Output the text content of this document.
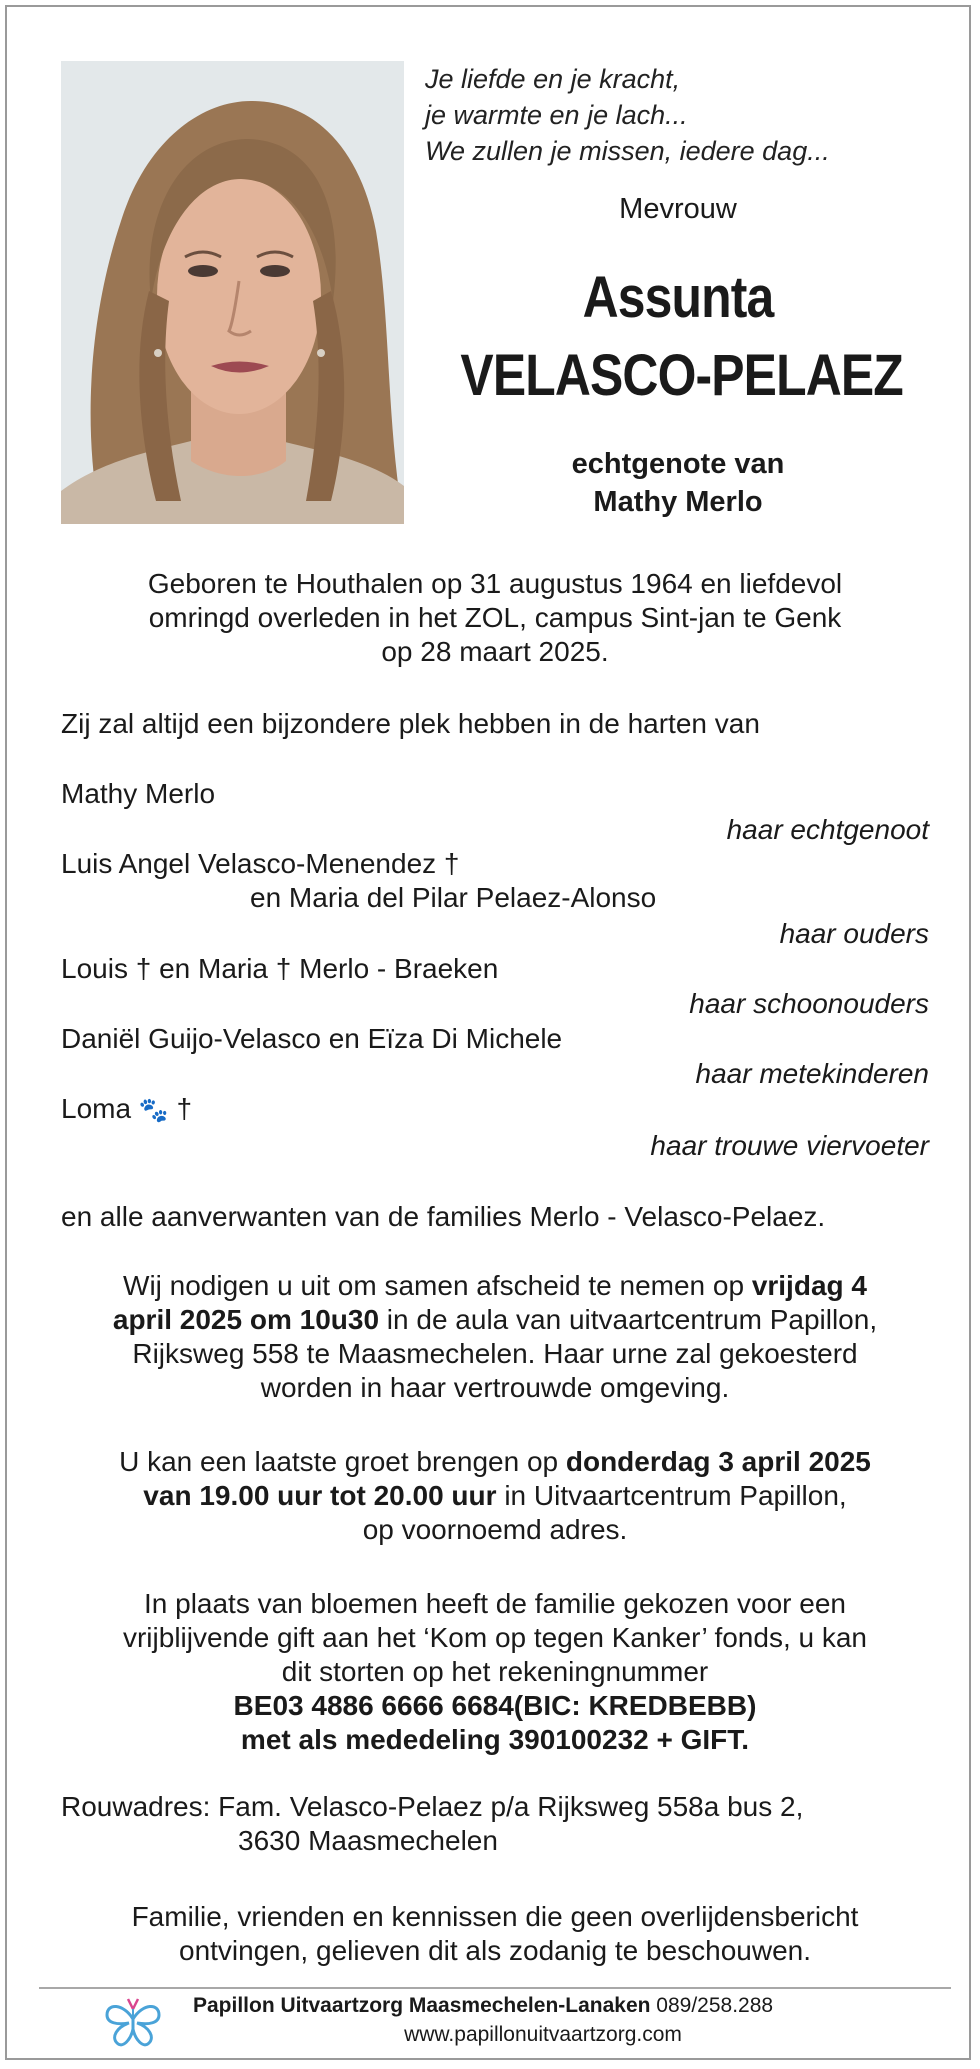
Je liefde en je kracht,
je warmte en je lach...
We zullen je missen, iedere dag...
Mevrouw
Assunta
VELASCO-PELAEZ
echtgenote van
Mathy Merlo
Geboren te Houthalen op 31 augustus 1964 en liefdevol
omringd overleden in het ZOL, campus Sint-jan te Genk
op 28 maart 2025.
Zij zal altijd een bijzondere plek hebben in de harten van
Mathy Merlo
haar echtgenoot
Luis Angel Velasco-Menendez †
en Maria del Pilar Pelaez-Alonso
haar ouders
Louis † en Maria † Merlo - Braeken
haar schoonouders
Daniël Guijo-Velasco en Eïza Di Michele
haar metekinderen
Loma 🐾 †
haar trouwe viervoeter
en alle aanverwanten van de families Merlo - Velasco-Pelaez.
Wij nodigen u uit om samen afscheid te nemen op vrijdag 4
april 2025 om 10u30 in de aula van uitvaartcentrum Papillon,
Rijksweg 558 te Maasmechelen. Haar urne zal gekoesterd
worden in haar vertrouwde omgeving.
U kan een laatste groet brengen op donderdag 3 april 2025
van 19.00 uur tot 20.00 uur in Uitvaartcentrum Papillon,
op voornoemd adres.
In plaats van bloemen heeft de familie gekozen voor een
vrijblijvende gift aan het ‘Kom op tegen Kanker’ fonds, u kan
dit storten op het rekeningnummer
BE03 4886 6666 6684(BIC: KREDBEBB)
met als mededeling 390100232 + GIFT.
Rouwadres: Fam. Velasco-Pelaez p/a Rijksweg 558a bus 2,
3630 Maasmechelen
Familie, vrienden en kennissen die geen overlijdensbericht
ontvingen, gelieven dit als zodanig te beschouwen.
Papillon Uitvaartzorg Maasmechelen-Lanaken 089/258.288
www.papillonuitvaartzorg.com
